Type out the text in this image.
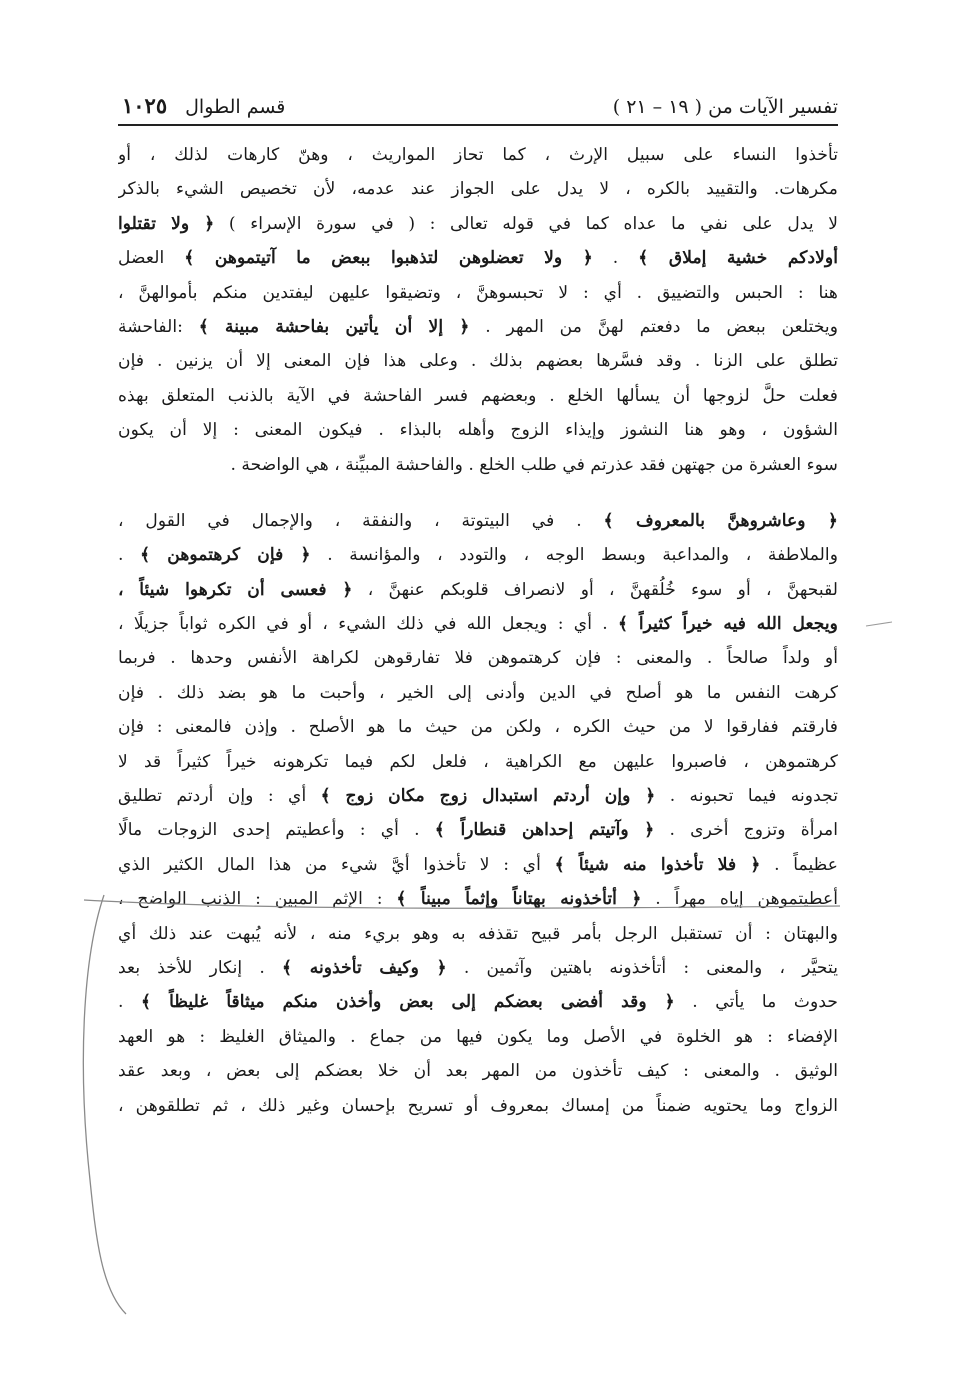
تفسير الآيات من ( ١٩ – ٢١ )
قسم الطوال
١٠٢٥
تأخذوا النساء على سبيل الإرث ، كما تحاز المواريث ، وهنّ كارهات لذلك ، أو
مكرهات. والتقييد بالكره ، لا يدل على الجواز عند عدمه، لأن تخصيص الشيء بالذكر
لا يدل على نفي ما عداه كما في قوله تعالى : ( في سورة الإسراء ) ﴿ ولا تقتلوا
أولادكم خشية إملاق ﴾ . ﴿ ولا تعضلوهن لتذهبوا ببعض ما آتيتموهن ﴾ العضل
هنا : الحبس والتضييق . أي : لا تحبسوهنَّ ، وتضيقوا عليهن ليفتدين منكم بأموالهنَّ ،
ويختلعن ببعض ما دفعتم لهنَّ من المهر . ﴿ إلا أن يأتين بفاحشة مبينة ﴾ :الفاحشة
تطلق على الزنا . وقد فسَّرها بعضهم بذلك . وعلى هذا فإن المعنى إلا أن يزنين . فإن
فعلت حلَّ لزوجها أن يسألها الخلع . وبعضهم فسر الفاحشة في الآية بالذنب المتعلق بهذه
الشؤون ، وهو هنا النشوز وإيذاء الزوج وأهله بالبذاء . فيكون المعنى : إلا أن يكون
سوء العشرة من جهتهن فقد عذرتم في طلب الخلع . والفاحشة المبيِّنة ، هي الواضحة .
﴿ وعاشروهنَّ بالمعروف ﴾ . في البيتوتة ، والنفقة ، والإجمال في القول ،
والملاطفة ، والمداعبة وبسط الوجه ، والتودد ، والمؤانسة . ﴿ فإن كرهتموهن ﴾ .
لقبحهنَّ ، أو سوء خُلُقهنَّ ، أو لانصراف قلوبكم عنهنَّ ، ﴿ فعسى أن تكرهوا شيئاً ،
ويجعل الله فيه خيراً كثيراً ﴾ . أي : ويجعل الله في ذلك الشيء ، أو في الكره ثواباً جزيلًا ،
أو ولداً صالحاً . والمعنى : فإن كرهتموهن فلا تفارقوهن لكراهة الأنفس وحدها . فربما
كرهت النفس ما هو أصلح في الدين وأدنى إلى الخير ، وأحبت ما هو بضد ذلك . فإن
فارقتم ففارقوا لا من حيث الكره ، ولكن من حيث ما هو الأصلح . وإذن فالمعنى : فإن
كرهتموهن ، فاصبروا عليهن مع الكراهية ، فلعل لكم فيما تكرهونه خيراً كثيراً قد لا
تجدونه فيما تحبونه . ﴿ وإن أردتم استبدال زوج مكان زوج ﴾ أي : وإن أردتم تطليق
امرأة وتزوج أخرى . ﴿ وآتيتم إحداهن قنطاراً ﴾ . أي : وأعطيتم إحدى الزوجات مالًا
عظيماً . ﴿ فلا تأخذوا منه شيئاً ﴾ أي : لا تأخذوا أيَّ شيء من هذا المال الكثير الذي
أعطيتموهن إياه مهراً . ﴿ أتأخذونه بهتاناً وإثماً مبيناً ﴾ : الإثم المبين : الذنب الواضح ،
والبهتان : أن تستقبل الرجل بأمر قبيح تقذفه به وهو بريء منه ، لأنه يُبهت عند ذلك أي
يتحيَّر ، والمعنى : أتأخذونه باهتين وآثمين . ﴿ وكيف تأخذونه ﴾ . إنكار للأخذ بعد
حدوث ما يأتي . ﴿ وقد أفضى بعضكم إلى بعض وأخذن منكم ميثاقاً غليظاً ﴾ .
الإفضاء : هو الخلوة في الأصل وما يكون فيها من جماع . والميثاق الغليظ : هو العهد
الوثيق . والمعنى : كيف تأخذون من المهر بعد أن خلا بعضكم إلى بعض ، وبعد عقد
الزواج وما يحتويه ضمناً من إمساك بمعروف أو تسريح بإحسان وغير ذلك ، ثم تطلقوهن ،
